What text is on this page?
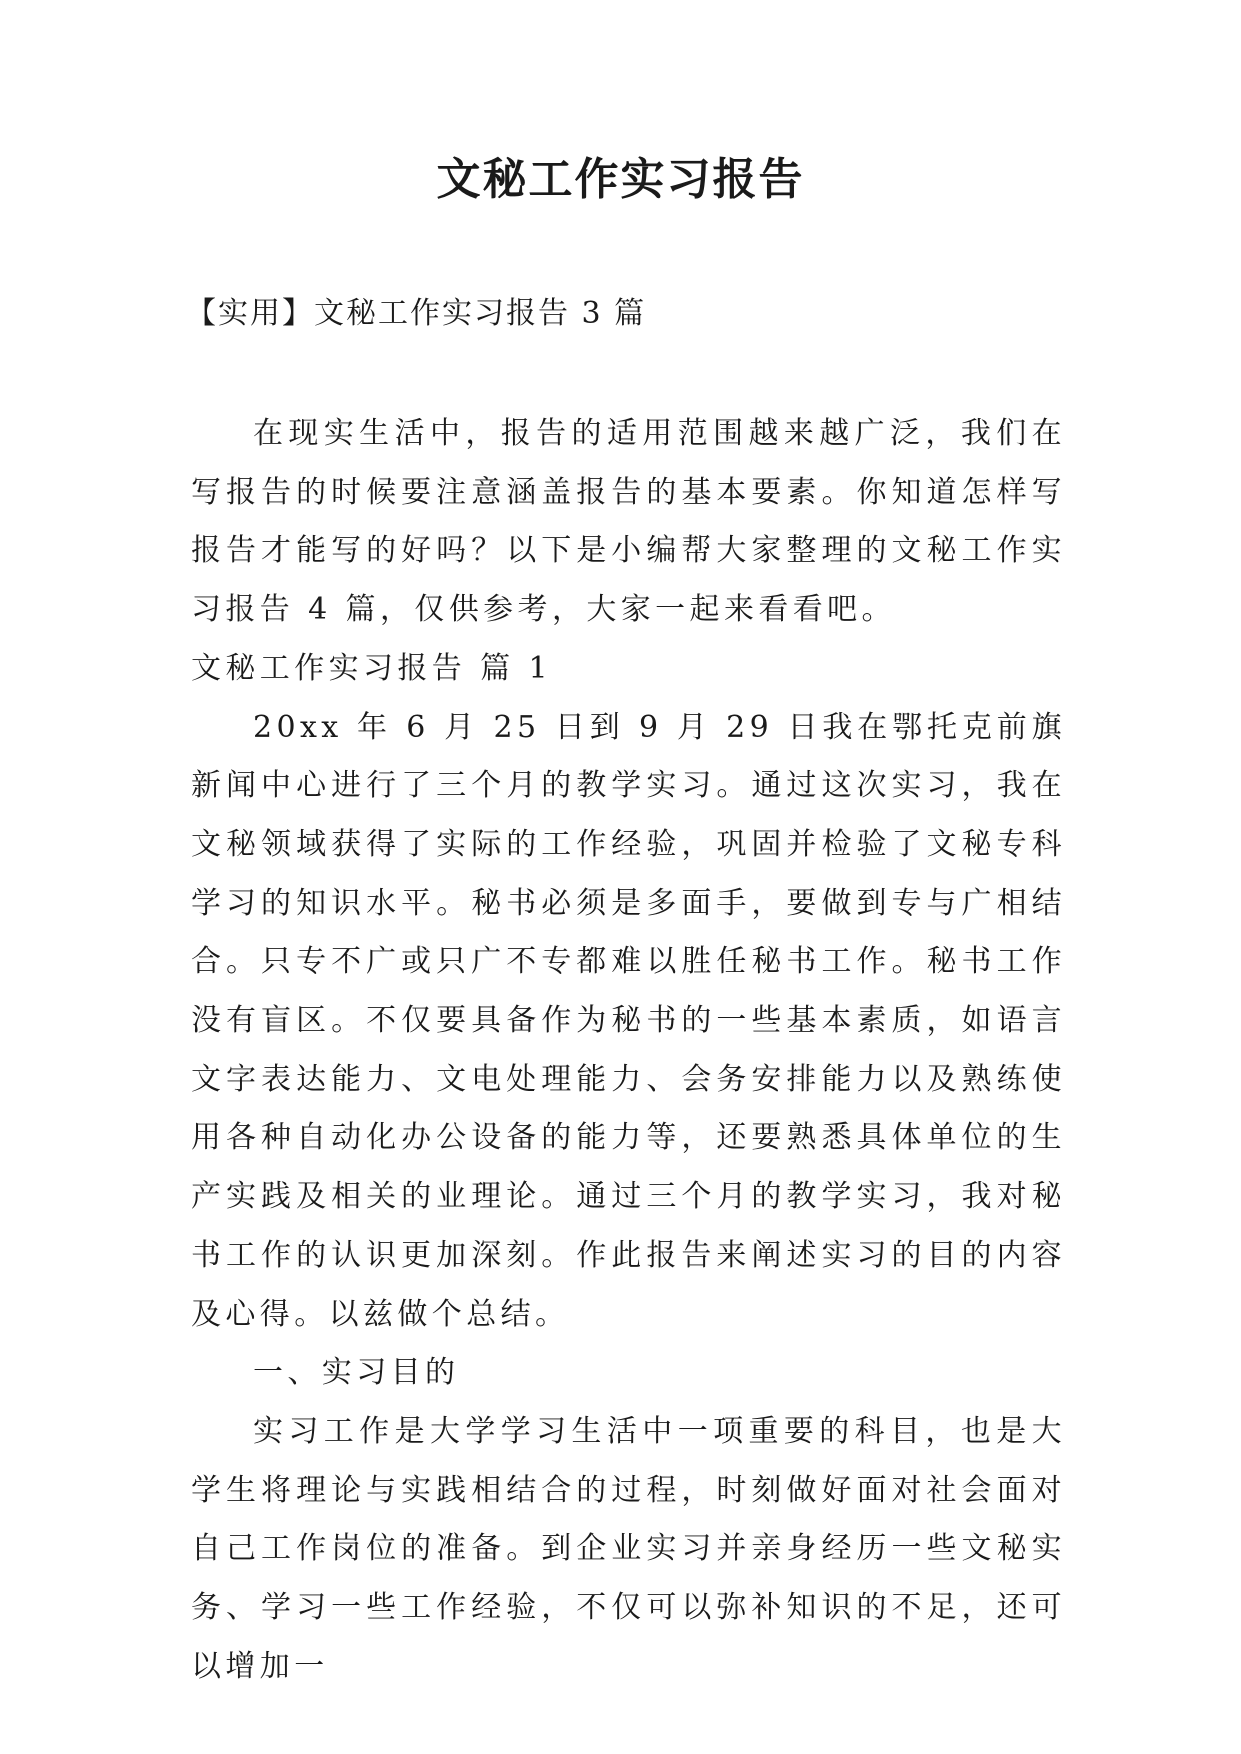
文秘工作实习报告
【实用】文秘工作实习报告 3 篇

在现实生活中，报告的适用范围越来越广泛，我们在写报告的时候要注意涵盖报告的基本要素。你知道怎样写报告才能写的好吗？以下是小编帮大家整理的文秘工作实习报告 4 篇，仅供参考，大家一起来看看吧。

文秘工作实习报告 篇 1

20xx 年 6 月 25 日到 9 月 29 日我在鄂托克前旗新闻中心进行了三个月的教学实习。通过这次实习，我在文秘领域获得了实际的工作经验，巩固并检验了文秘专科学习的知识水平。秘书必须是多面手，要做到专与广相结合。只专不广或只广不专都难以胜任秘书工作。秘书工作没有盲区。不仅要具备作为秘书的一些基本素质，如语言文字表达能力、文电处理能力、会务安排能力以及熟练使用各种自动化办公设备的能力等，还要熟悉具体单位的生产实践及相关的业理论。通过三个月的教学实习，我对秘书工作的认识更加深刻。作此报告来阐述实习的目的内容及心得。以兹做个总结。

一、实习目的

实习工作是大学学习生活中一项重要的科目，也是大学生将理论与实践相结合的过程，时刻做好面对社会面对自己工作岗位的准备。到企业实习并亲身经历一些文秘实务、学习一些工作经验，不仅可以弥补知识的不足，还可以增加一
